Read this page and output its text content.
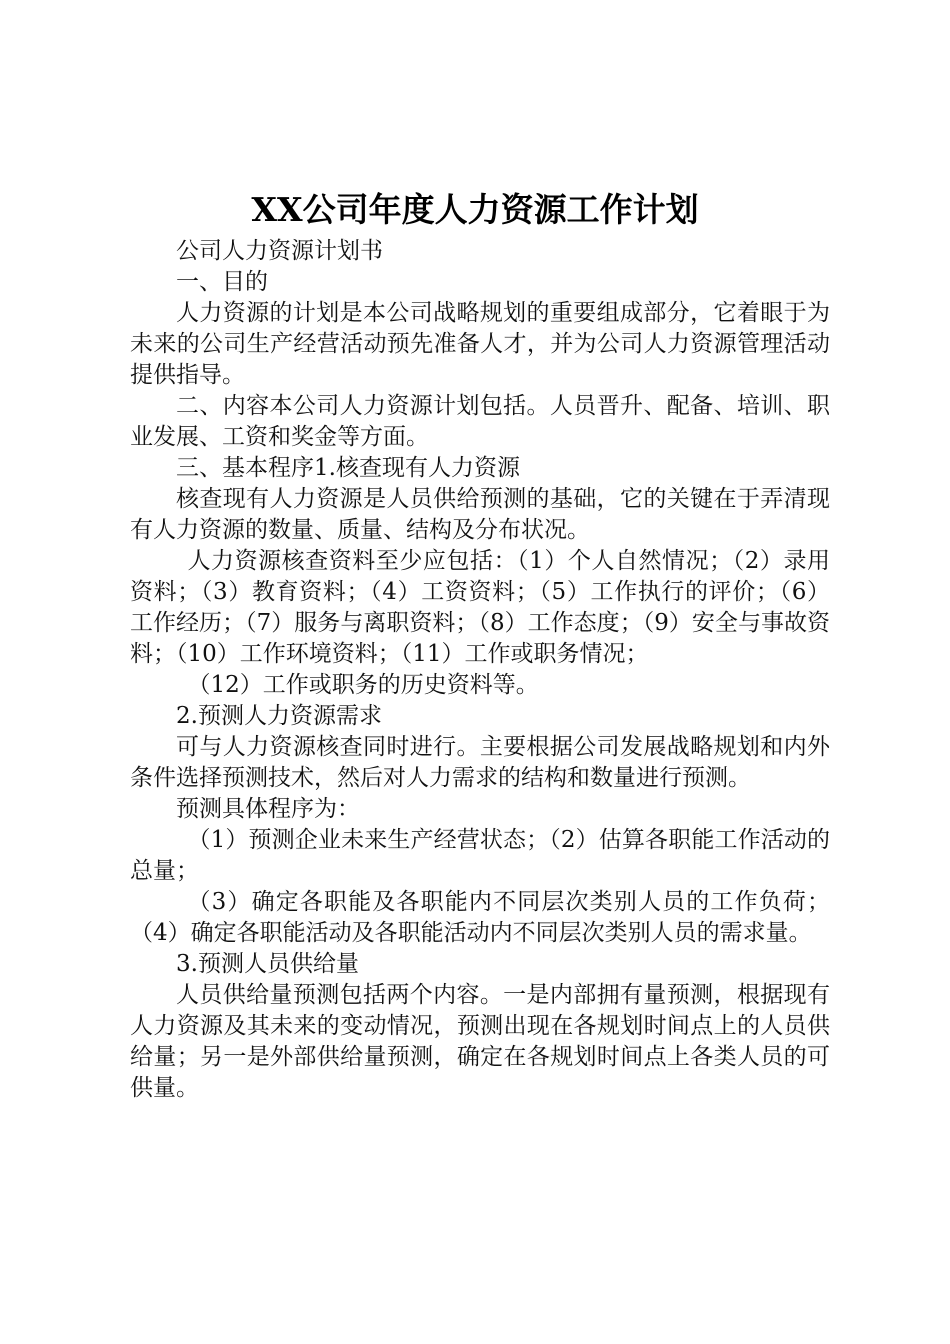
XX公司年度人力资源工作计划

公司人力资源计划书

一、目的

人力资源的计划是本公司战略规划的重要组成部分，它着眼于为未来的公司生产经营活动预先准备人才，并为公司人力资源管理活动提供指导。

二、内容本公司人力资源计划包括。人员晋升、配备、培训、职业发展、工资和奖金等方面。

三、基本程序1.核查现有人力资源

核查现有人力资源是人员供给预测的基础，它的关键在于弄清现有人力资源的数量、质量、结构及分布状况。

人力资源核查资料至少应包括：（1）个人自然情况；（2）录用资料；（3）教育资料；（4）工资资料；（5）工作执行的评价；（6）工作经历；（7）服务与离职资料；（8）工作态度；（9）安全与事故资料；（10）工作环境资料；（11）工作或职务情况；

（12）工作或职务的历史资料等。

2.预测人力资源需求

可与人力资源核查同时进行。主要根据公司发展战略规划和内外条件选择预测技术，然后对人力需求的结构和数量进行预测。

预测具体程序为：

（1）预测企业未来生产经营状态；（2）估算各职能工作活动的总量；

（3）确定各职能及各职能内不同层次类别人员的工作负荷；（4）确定各职能活动及各职能活动内不同层次类别人员的需求量。

3.预测人员供给量

人员供给量预测包括两个内容。一是内部拥有量预测，根据现有人力资源及其未来的变动情况，预测出现在各规划时间点上的人员供给量；另一是外部供给量预测，确定在各规划时间点上各类人员的可供量。
